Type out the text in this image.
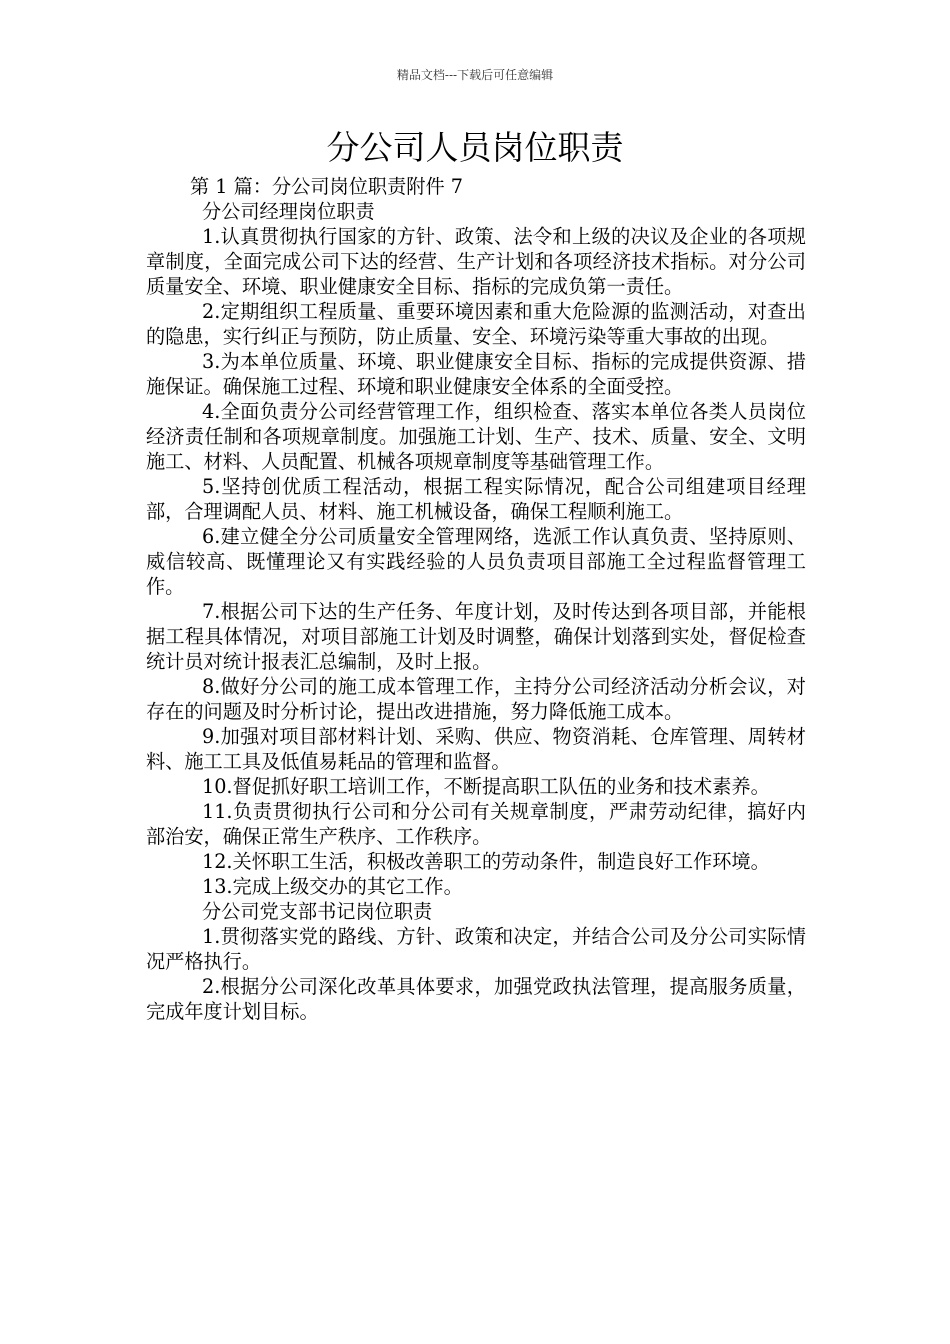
精品文档---下载后可任意编辑
分公司人员岗位职责

第 1 篇：分公司岗位职责附件 7

分公司经理岗位职责

1.认真贯彻执行国家的方针、政策、法令和上级的决议及企业的各项规章制度，全面完成公司下达的经营、生产计划和各项经济技术指标。对分公司质量安全、环境、职业健康安全目标、指标的完成负第一责任。

2.定期组织工程质量、重要环境因素和重大危险源的监测活动，对查出的隐患，实行纠正与预防，防止质量、安全、环境污染等重大事故的出现。

3.为本单位质量、环境、职业健康安全目标、指标的完成提供资源、措施保证。确保施工过程、环境和职业健康安全体系的全面受控。

4.全面负责分公司经营管理工作，组织检查、落实本单位各类人员岗位经济责任制和各项规章制度。加强施工计划、生产、技术、质量、安全、文明施工、材料、人员配置、机械各项规章制度等基础管理工作。

5.坚持创优质工程活动，根据工程实际情况，配合公司组建项目经理部，合理调配人员、材料、施工机械设备，确保工程顺利施工。

6.建立健全分公司质量安全管理网络，选派工作认真负责、坚持原则、威信较高、既懂理论又有实践经验的人员负责项目部施工全过程监督管理工作。

7.根据公司下达的生产任务、年度计划，及时传达到各项目部，并能根据工程具体情况，对项目部施工计划及时调整，确保计划落到实处，督促检查统计员对统计报表汇总编制，及时上报。

8.做好分公司的施工成本管理工作，主持分公司经济活动分析会议，对存在的问题及时分析讨论，提出改进措施，努力降低施工成本。

9.加强对项目部材料计划、采购、供应、物资消耗、仓库管理、周转材料、施工工具及低值易耗品的管理和监督。

10.督促抓好职工培训工作，不断提高职工队伍的业务和技术素养。

11.负责贯彻执行公司和分公司有关规章制度，严肃劳动纪律，搞好内部治安，确保正常生产秩序、工作秩序。

12.关怀职工生活，积极改善职工的劳动条件，制造良好工作环境。

13.完成上级交办的其它工作。

分公司党支部书记岗位职责

1.贯彻落实党的路线、方针、政策和决定，并结合公司及分公司实际情况严格执行。

2.根据分公司深化改革具体要求，加强党政执法管理，提高服务质量，完成年度计划目标。
